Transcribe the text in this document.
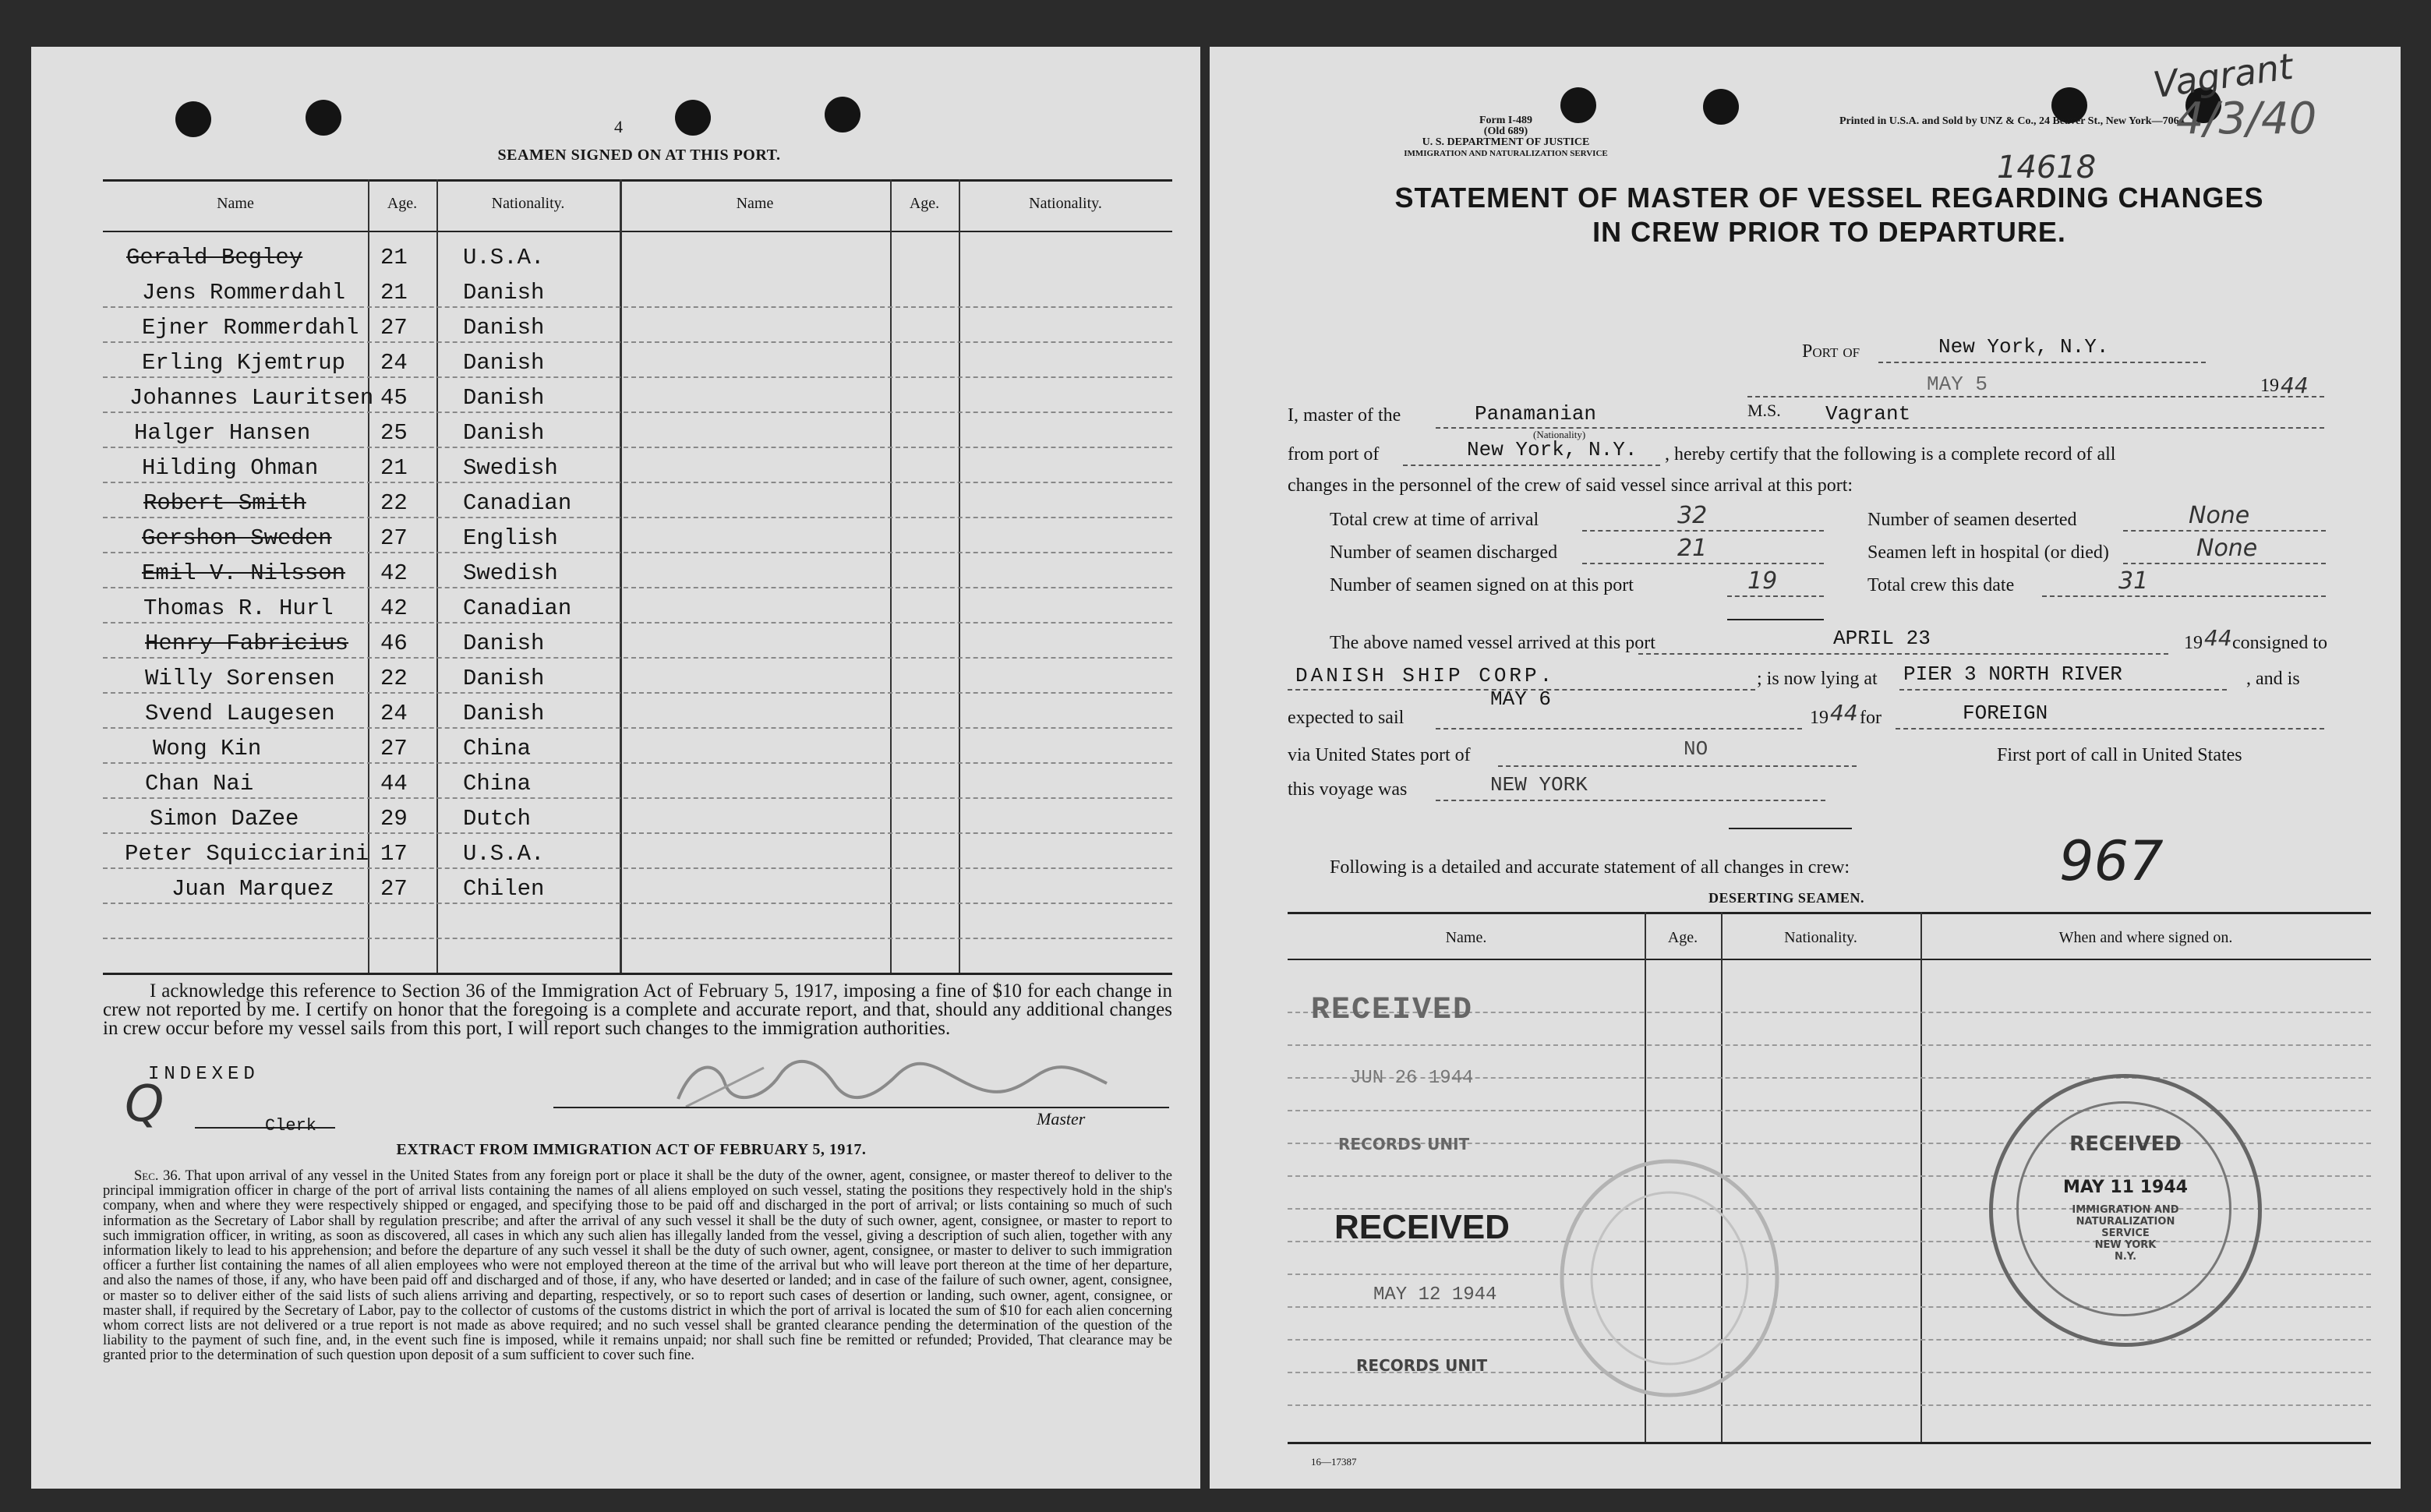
4
SEAMEN SIGNED ON AT THIS PORT.
Name	Age.	Nationality.	Name	Age.	Nationality.
Gerald Begley	21 U.S.A.
Jens Rommerdahl 21 Danish
Ejner Rommerdahl 27 Danish
Erling Kjemtrup 24 Danish
Johannes Lauritsen 45 Danish
Halger Hansen	25 Danish
Hilding Ohman	21 Swedish
Robert Smith	22 Canadian
Gershon Sweden 27 English
Emil V. Nilsson 42 Swedish
Thomas R. Hurl 42 Canadian
Henry Fabricius 46 Danish
Willy Sorensen 22 Danish
Svend Laugesen 24 Danish
Wong Kin	27 China
Chan Nai	44 China
Simon DaZee	29 Dutch
Peter Squicciarini 17 U.S.A.
Juan Marquez 27 Chilen
I acknowledge this reference to Section 36 of the Immigration Act of February 5, 1917, imposing a fine of $10 for each change in crew not reported by me. I certify on honor that the foregoing is a complete and accurate report, and that, should any additional changes in crew occur before my vessel sails from this port, I will report such changes to the immigration authorities.
INDEXED
Q	Clerk	Master
EXTRACT FROM IMMIGRATION ACT OF FEBRUARY 5, 1917.
Sec. 36. That upon arrival of any vessel in the United States from any foreign port or place it shall be the duty of the owner, agent, consignee, or master thereof to deliver to the principal immigration officer in charge of the port of arrival lists containing the names of all aliens employed on such vessel, stating the positions they respectively hold in the ship's company, when and where they were respectively shipped or engaged, and specifying those to be paid off and discharged in the port of arrival; or lists containing so much of such information as the Secretary of Labor shall by regulation prescribe; and after the arrival of any such vessel it shall be the duty of such owner, agent, consignee, or master to report to such immigration officer, in writing, as soon as discovered, all cases in which any such alien has illegally landed from the vessel, giving a description of such alien, together with any information likely to lead to his apprehension; and before the departure of any such vessel it shall be the duty of such owner, agent, consignee, or master to deliver to such immigration officer a further list containing the names of all alien employees who were not employed thereon at the time of the arrival but who will leave port thereon at the time of her departure, and also the names of those, if any, who have been paid off and discharged and of those, if any, who have deserted or landed; and in case of the failure of such owner, agent, consignee, or master so to deliver either of the said lists of such aliens arriving and departing, respectively, or so to report such cases of desertion or landing, such owner, agent, consignee, or master shall, if required by the Secretary of Labor, pay to the collector of customs of the customs district in which the port of arrival is located the sum of $10 for each alien concerning whom correct lists are not delivered or a true report is not made as above required; and no such vessel shall be granted clearance pending the determination of the question of the liability to the payment of such fine, and, in the event such fine is imposed, while it remains unpaid; nor shall such fine be remitted or refunded; Provided, That clearance may be granted prior to the determination of such question upon deposit of a sum sufficient to cover such fine.
Form I-489
(Old 689)
U. S. DEPARTMENT OF JUSTICE
IMMIGRATION AND NATURALIZATION SERVICE
Printed in U.S.A. and Sold by UNZ & Co., 24 Beaver St., New York—7064
Vagrant
4/3/40
14618
STATEMENT OF MASTER OF VESSEL REGARDING CHANGES
IN CREW PRIOR TO DEPARTURE.
Port of	New York, N.Y.
MAY 5	19 44
I, master of the	Panamanian
(Nationality)
M.S. Vagrant
from port of	New York, N.Y. , hereby certify that the following is a complete record of all
changes in the personnel of the crew of said vessel since arrival at this port:
Total crew at time of arrival	32
Number of seamen discharged	21
Number of seamen signed on at this port	19
Number of seamen deserted	None
Seamen left in hospital (or died)	None
Total crew this date	31
The above named vessel arrived at this port	APRIL 23	19 44 consigned to
DANISH SHIP CORP.	; is now lying at PIER 3 NORTH RIVER	, and is
expected to sail
MAY 6
19 44 for	FOREIGN
via United States port of	NO	First port of call in United States
this voyage was	NEW YORK
Following is a detailed and accurate statement of all changes in crew:	967
DESERTING SEAMEN.
Name.	Age.	Nationality.	When and where signed on.
RECEIVED
JUN 26 1944
RECORDS UNIT
RECEIVED
MAY 12 1944
RECORDS UNIT
RECEIVED
MAY 11 1944
IMMIGRATION AND
NATURALIZATION
SERVICE
NEW YORK
N.Y.
16—17387
